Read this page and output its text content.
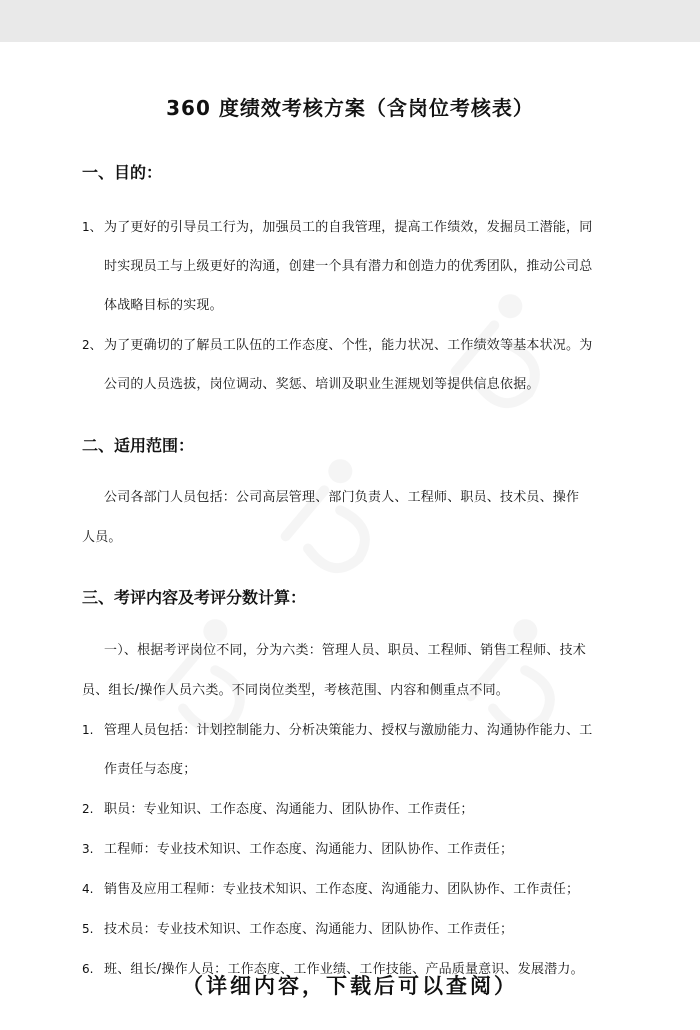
360 度绩效考核方案（含岗位考核表）
一、目的：
1、 为了更好的引导员工行为，加强员工的自我管理，提高工作绩效，发掘员工潜能，同
时实现员工与上级更好的沟通，创建一个具有潜力和创造力的优秀团队，推动公司总
体战略目标的实现。
2、 为了更确切的了解员工队伍的工作态度、个性，能力状况、工作绩效等基本状况。为
公司的人员选拔，岗位调动、奖惩、培训及职业生涯规划等提供信息依据。
二、适用范围：
公司各部门人员包括：公司高层管理、部门负责人、工程师、职员、技术员、操作
人员。
三、考评内容及考评分数计算：
一）、根据考评岗位不同，分为六类：管理人员、职员、工程师、销售工程师、技术
员、组长/操作人员六类。不同岗位类型，考核范围、内容和侧重点不同。
1. 管理人员包括：计划控制能力、分析决策能力、授权与激励能力、沟通协作能力、工
作责任与态度；
2. 职员：专业知识、工作态度、沟通能力、团队协作、工作责任；
3. 工程师：专业技术知识、工作态度、沟通能力、团队协作、工作责任；
4. 销售及应用工程师：专业技术知识、工作态度、沟通能力、团队协作、工作责任；
5. 技术员：专业技术知识、工作态度、沟通能力、团队协作、工作责任；
6. 班、组长/操作人员：工作态度、工作业绩、工作技能、产品质量意识、发展潜力。
（详细内容，下载后可以查阅）
